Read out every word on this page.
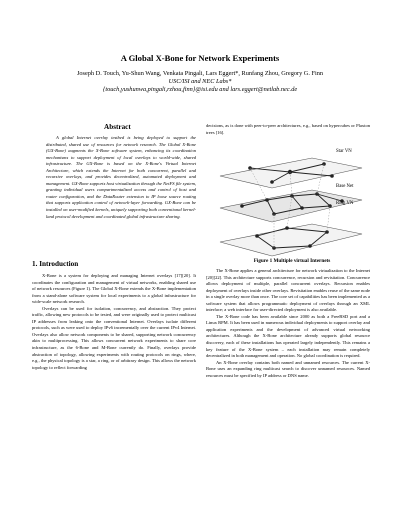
A Global X-Bone for Network Experiments
Joseph D. Touch, Yu-Shun Wang, Venkata Pingali, Lars Eggert*, Runfang Zhou, Gregory G. Finn
USC/ISI and NEC Labs*
{touch,yushunwa,pingali,rzhou,finn}@isi.edu and lars.eggert@netlab.nec.de
Abstract

A global Internet overlay testbed is being deployed to support the distributed, shared use of resources for network research. The Global X-Bone (GX-Bone) augments the X-Bone software system, enhancing its coordination mechanisms to support deployment of local overlays to world-wide, shared infrastructure. The GX-Bone is based on the X-Bone's Virtual Internet Architecture, which extends the Internet for both concurrent, parallel and recursive overlays, and provides decentralized, automated deployment and management. GX-Bone supports host virtualization through the NetFS file system, granting individual users compartmentalized access and control of host and router configuration, and the DataRouter extension to IP loose source routing that supports application control of network-layer forwarding. GX-Bone can be installed on user-modified kernels, uniquely supporting both conventional kernel-land protocol development and coordinated global infrastructure sharing.

1. Introduction

X-Bone is a system for deploying and managing Internet overlays [17][20]. It coordinates the configuration and management of virtual networks, enabling shared use of network resources (Figure 1). The Global X-Bone extends the X-Bone implementation from a stand-alone software system for local experiments to a global infrastructure for wide-scale network research.

Overlays can be used for isolation, concurrency, and abstraction. They protect traffic, allowing new protocols to be tested, and were originally used to protect multicast IP addresses from leaking onto the conventional Internet. Overlays isolate different protocols, such as were used to deploy IPv6 incrementally over the current IPv4 Internet. Overlays also allow network components to be shared, supporting network concurrency akin to multiprocessing. This allows concurrent network experiments to share core infrastructure, as the 6-Bone and M-Bone currently do. Finally, overlays provide abstraction of topology, allowing experiments with routing protocols on rings, where, e.g., the physical topology is a star, a ring, or of arbitrary design. This allows the network topology to reflect forwarding

decisions, as is done with peer-to-peer architectures, e.g., based on hypercubes or Plaxton trees [16].

Star VN
Base Net
Ring VN
Figure 1 Multiple virtual Internets

The X-Bone applies a general architecture for network virtualization to the Internet [20][22]. This architecture supports concurrence, recursion and revisitation. Concurrence allows deployment of multiple, parallel concurrent overlays. Recursion enables deployment of overlays inside other overlays. Revisitation enables reuse of the same node in a single overlay more than once. The core set of capabilities has been implemented as a software system that allows programmatic deployment of overlays through an XML interface; a web interface for user-directed deployment is also available.

The X-Bone code has been available since 2000 as both a FreeBSD port and a Linux RPM. It has been used in numerous individual deployments to support overlay and application experiments and the development of advanced virtual networking architectures. Although the X-Bone architecture already supports global resource discovery, each of these installations has operated largely independently. This remains a key feature of the X-Bone system – each installation may remain completely decentralized in both management and operation. No global coordination is required.

An X-Bone overlay contains both named and unnamed resources. The current X-Bone uses an expanding ring multicast search to discover unnamed resources. Named resources must be specified by IP address or DNS name.
